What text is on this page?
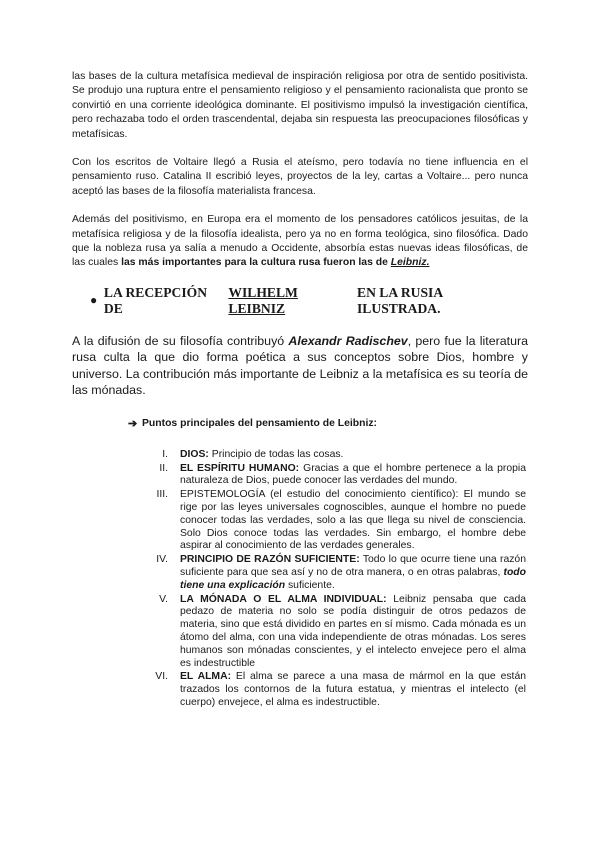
las bases de la cultura metafísica medieval de inspiración religiosa por otra de sentido positivista. Se produjo una ruptura entre el pensamiento religioso y el pensamiento racionalista que pronto se convirtió en una corriente ideológica dominante. El positivismo impulsó la investigación científica, pero rechazaba todo el orden trascendental, dejaba sin respuesta las preocupaciones filosóficas y metafísicas.

Con los escritos de Voltaire llegó a Rusia el ateísmo, pero todavía no tiene influencia en el pensamiento ruso. Catalina II escribió leyes, proyectos de la ley, cartas a Voltaire... pero nunca aceptó las bases de la filosofía materialista francesa.

Además del positivismo, en Europa era el momento de los pensadores católicos jesuitas, de la metafísica religiosa y de la filosofía idealista, pero ya no en forma teológica, sino filosófica. Dado que la nobleza rusa ya salía a menudo a Occidente, absorbía estas nuevas ideas filosóficas, de las cuales las más importantes para la cultura rusa fueron las de Leibniz.

●
LA RECEPCIÓN DE
WILHELM LEIBNIZ
EN LA RUSIA ILUSTRADA.

A la difusión de su filosofía contribuyó Alexandr Radischev, pero fue la literatura rusa culta la que dio forma poética a sus conceptos sobre Dios, hombre y universo. La contribución más importante de Leibniz a la metafísica es su teoría de las mónadas.

➔ Puntos principales del pensamiento de Leibniz:
I.	DIOS: Principio de todas las cosas.
II.	EL ESPÍRITU HUMANO: Gracias a que el hombre pertenece a la propia naturaleza de Dios, puede conocer las verdades del mundo.
III.	EPISTEMOLOGÍA (el estudio del conocimiento científico): El mundo se rige por las leyes universales cognoscibles, aunque el hombre no puede conocer todas las verdades, solo a las que llega su nivel de consciencia. Solo Dios conoce todas las verdades. Sin embargo, el hombre debe aspirar al conocimiento de las verdades generales.
IV.	PRINCIPIO DE RAZÓN SUFICIENTE: Todo lo que ocurre tiene una razón suficiente para que sea así y no de otra manera, o en otras palabras, todo tiene una explicación suficiente.
V.	LA MÓNADA O EL ALMA INDIVIDUAL: Leibniz pensaba que cada pedazo de materia no solo se podía distinguir de otros pedazos de materia, sino que está dividido en partes en sí mismo. Cada mónada es un átomo del alma, con una vida independiente de otras mónadas. Los seres humanos son mónadas conscientes, y el intelecto envejece pero el alma es indestructible
VI.	EL ALMA: El alma se parece a una masa de mármol en la que están trazados los contornos de la futura estatua, y mientras el intelecto (el cuerpo) envejece, el alma es indestructible.
